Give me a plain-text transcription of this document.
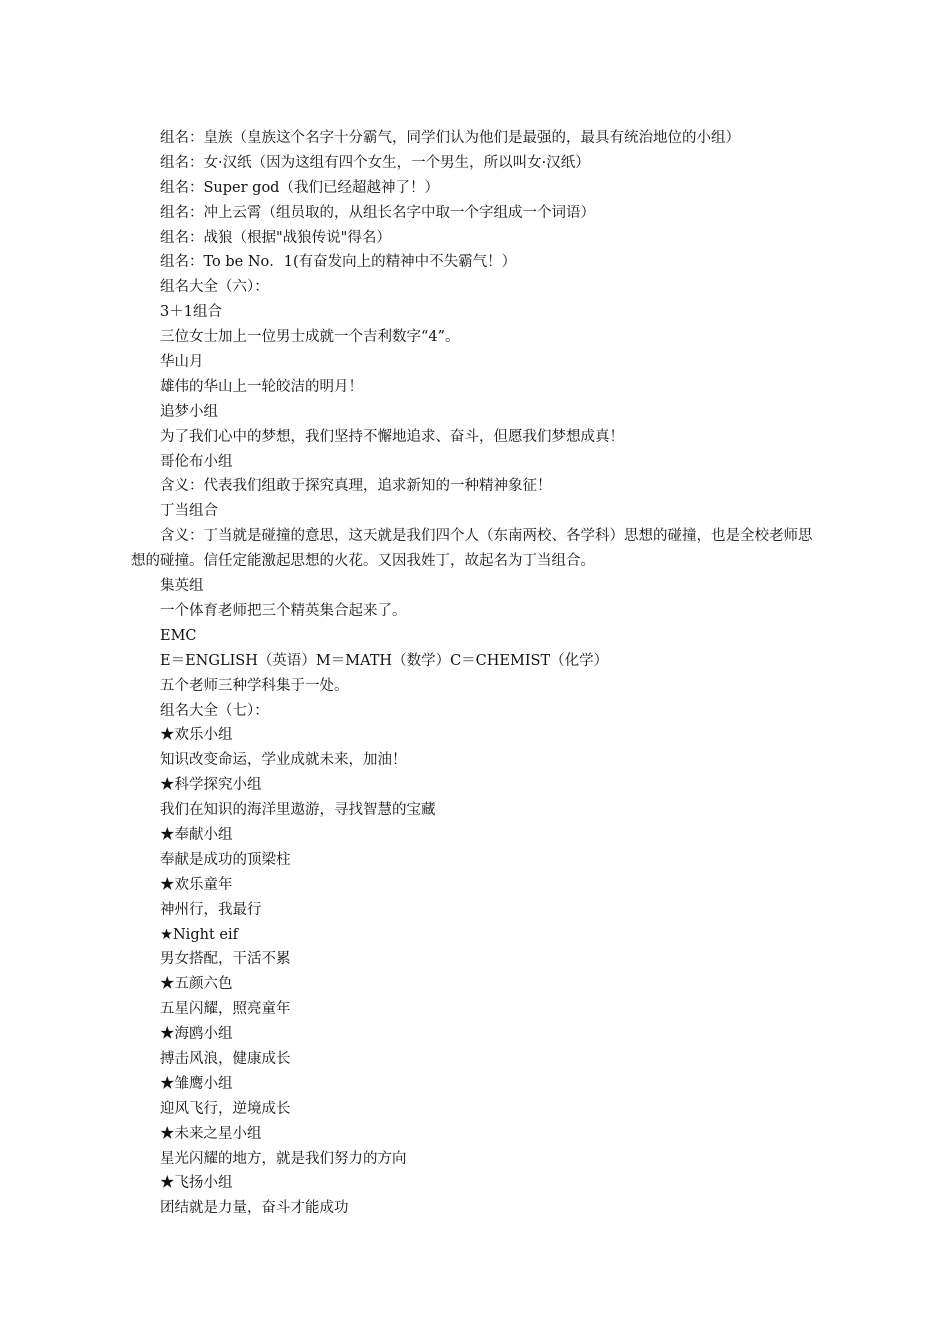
组名：皇族（皇族这个名字十分霸气，同学们认为他们是最强的，最具有统治地位的小组）
组名：女·汉纸（因为这组有四个女生，一个男生，所以叫女·汉纸）
组名：Super god（我们已经超越神了！）
组名：冲上云霄（组员取的，从组长名字中取一个字组成一个词语）
组名：战狼（根据"战狼传说"得名）
组名：To be No．1(有奋发向上的精神中不失霸气！）
组名大全（六）：
3＋1组合
三位女士加上一位男士成就一个吉利数字“4”。
华山月
雄伟的华山上一轮皎洁的明月！
追梦小组
为了我们心中的梦想，我们坚持不懈地追求、奋斗，但愿我们梦想成真！
哥伦布小组
含义：代表我们组敢于探究真理，追求新知的一种精神象征！
丁当组合
含义：丁当就是碰撞的意思，这天就是我们四个人（东南两校、各学科）思想的碰撞，也是全校老师思想的碰撞。信任定能激起思想的火花。又因我姓丁，故起名为丁当组合。
集英组
一个体育老师把三个精英集合起来了。
EMC
E＝ENGLISH（英语）M＝MATH（数学）C＝CHEMIST（化学）
五个老师三种学科集于一处。
组名大全（七）：
★欢乐小组
知识改变命运，学业成就未来，加油！
★科学探究小组
我们在知识的海洋里遨游，寻找智慧的宝藏
★奉献小组
奉献是成功的顶梁柱
★欢乐童年
神州行，我最行
★Night eif
男女搭配，干活不累
★五颜六色
五星闪耀，照亮童年
★海鸥小组
搏击风浪，健康成长
★雏鹰小组
迎风飞行，逆境成长
★未来之星小组
星光闪耀的地方，就是我们努力的方向
★飞扬小组
团结就是力量，奋斗才能成功
